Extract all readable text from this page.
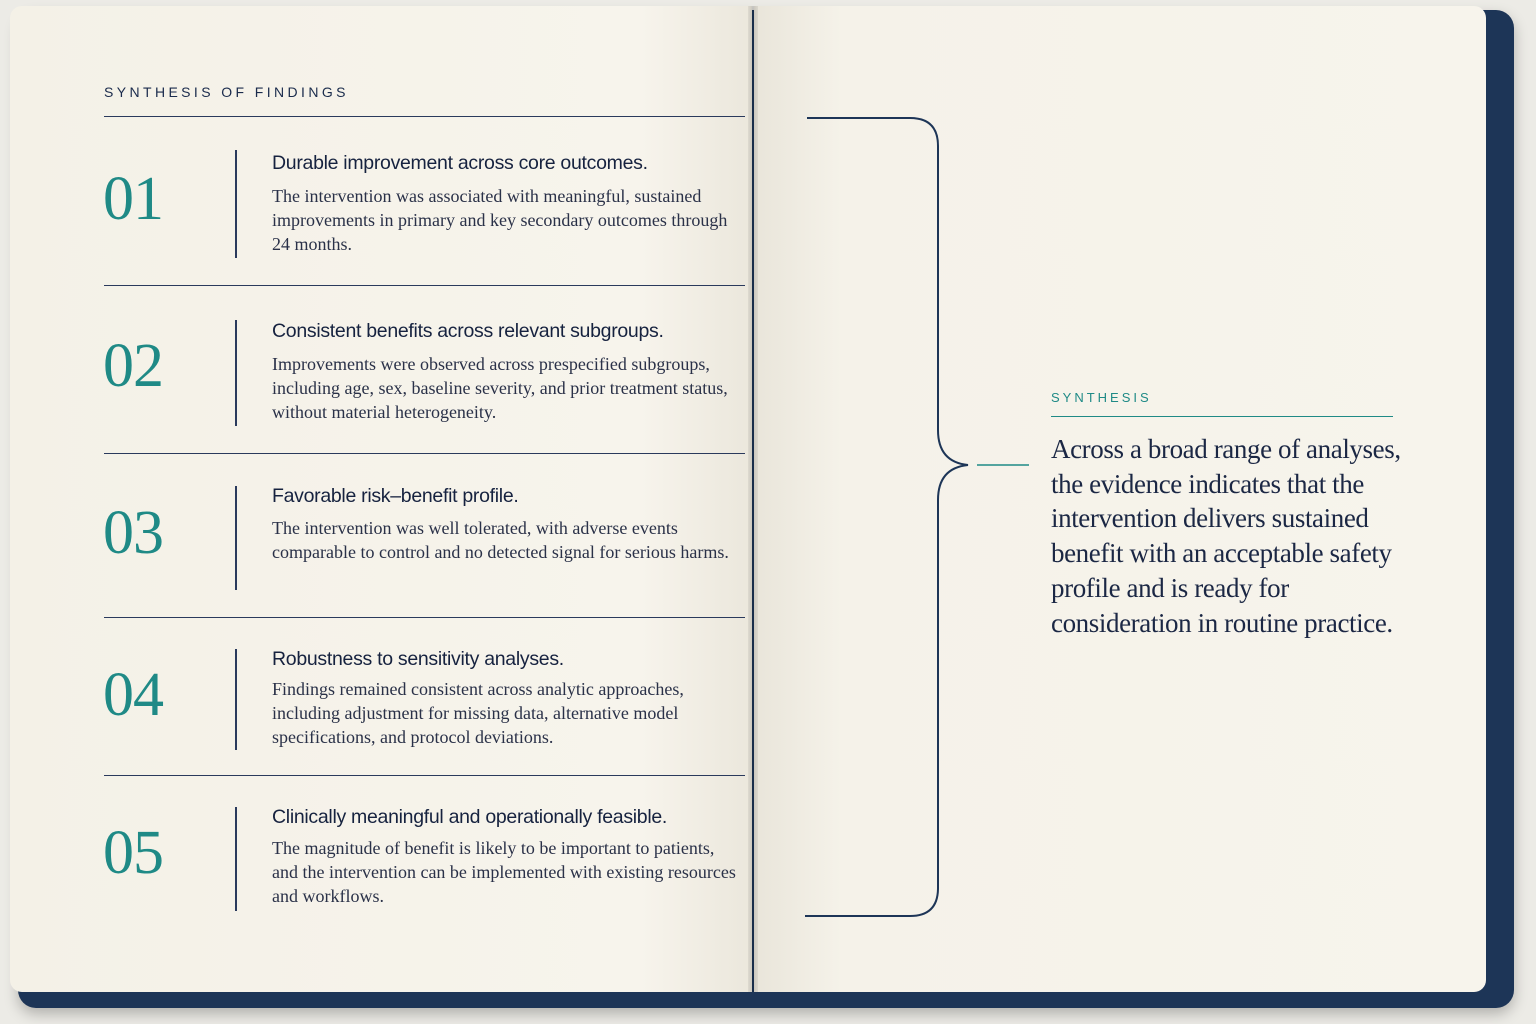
SYNTHESIS OF FINDINGS
01
Durable improvement across core outcomes.
The intervention was associated with meaningful, sustained improvements in primary and key secondary outcomes through 24 months.
02
Consistent benefits across relevant subgroups.
Improvements were observed across prespecified subgroups, including age, sex, baseline severity, and prior treatment status, without material heterogeneity.
03
Favorable risk–benefit profile.
The intervention was well tolerated, with adverse events comparable to control and no detected signal for serious harms.
04
Robustness to sensitivity analyses.
Findings remained consistent across analytic approaches, including adjustment for missing data, alternative model specifications, and protocol deviations.
05
Clinically meaningful and operationally feasible.
The magnitude of benefit is likely to be important to patients, and the intervention can be implemented with existing resources and workflows.
SYNTHESIS
Across a broad range of analyses, the evidence indicates that the intervention delivers sustained benefit with an acceptable safety profile and is ready for consideration in routine practice.
